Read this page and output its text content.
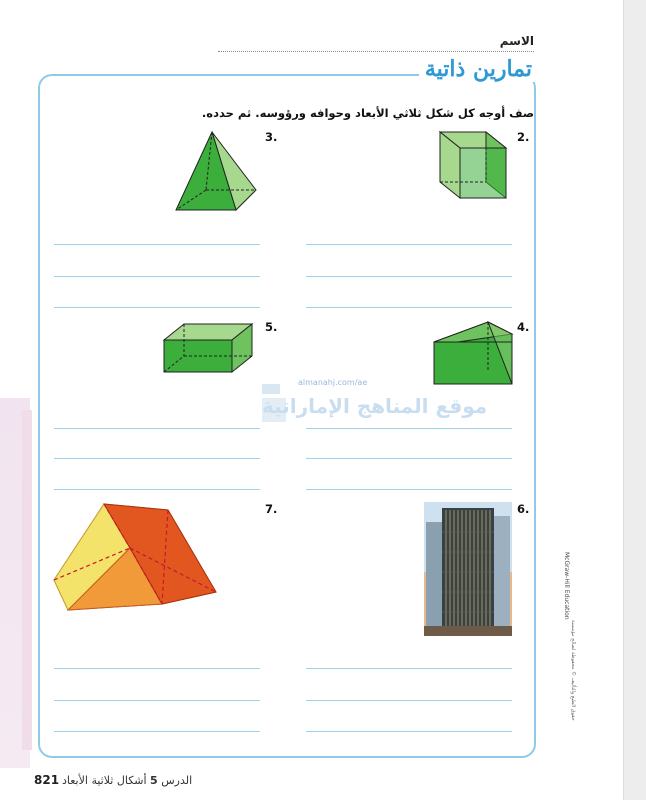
الاسم
تمارين ذاتية
صف أوجه كل شكل ثلاثي الأبعاد وحوافه ورؤوسه. ثم حدده.
2.
3.
4.
5.
6.
7.
almanahj.com/ae
موقع المناهج الإماراتية
McGraw-Hill Education
حقوق الطبع والتأليف © محفوظة لصالح مؤسسة
الدرس 5 أشكال ثلاثية الأبعاد
821
